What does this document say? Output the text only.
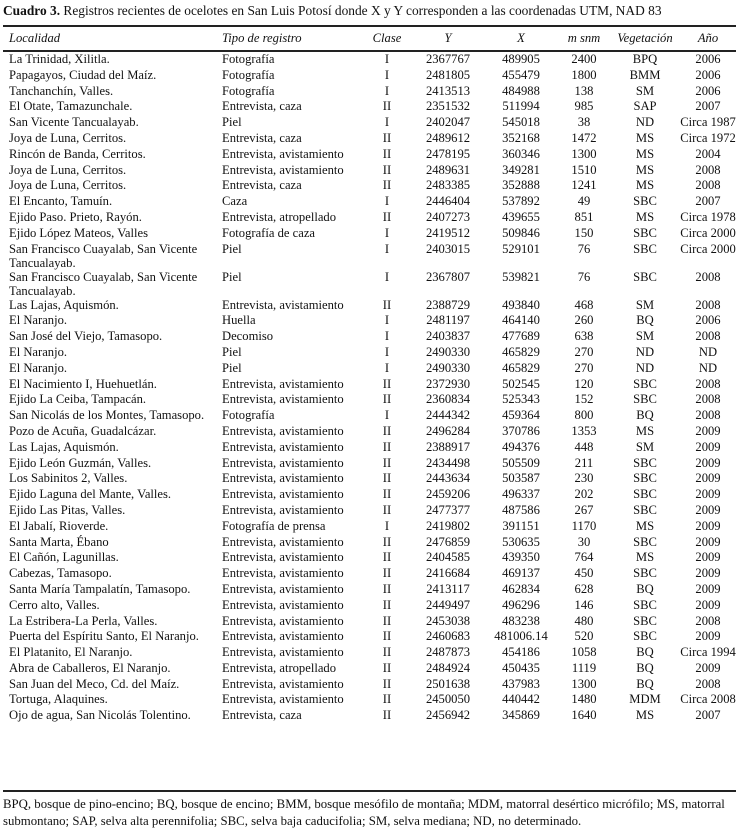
Cuadro 3. Registros recientes de ocelotes en San Luis Potosí donde X y Y corresponden a las coordenadas UTM, NAD 83
Localidad	Tipo de registro	Clase	Y	X	m snm	Vegetación	Año
La Trinidad, Xilitla.	Fotografía	I	2367767	489905	2400	BPQ	2006
Papagayos, Ciudad del Maíz.	Fotografía	I	2481805	455479	1800	BMM	2006
Tanchanchín, Valles.	Fotografía	I	2413513	484988	138	SM	2006
El Otate, Tamazunchale.	Entrevista, caza	II	2351532	511994	985	SAP	2007
San Vicente Tancualayab.	Piel	I	2402047	545018	38	ND	Circa 1987
Joya de Luna, Cerritos.	Entrevista, caza	II	2489612	352168	1472	MS	Circa 1972
Rincón de Banda, Cerritos.	Entrevista, avistamiento	II	2478195	360346	1300	MS	2004
Joya de Luna, Cerritos.	Entrevista, avistamiento	II	2489631	349281	1510	MS	2008
Joya de Luna, Cerritos.	Entrevista, caza	II	2483385	352888	1241	MS	2008
El Encanto, Tamuín.	Caza	I	2446404	537892	49	SBC	2007
Ejido Paso. Prieto, Rayón.	Entrevista, atropellado	II	2407273	439655	851	MS	Circa 1978
Ejido López Mateos, Valles	Fotografía de caza	I	2419512	509846	150	SBC	Circa 2000
San Francisco Cuayalab, San Vicente Tancualayab.	Piel	I	2403015	529101	76	SBC	Circa 2000
San Francisco Cuayalab, San Vicente Tancualayab.	Piel	I	2367807	539821	76	SBC	2008
Las Lajas, Aquismón.	Entrevista, avistamiento	II	2388729	493840	468	SM	2008
El Naranjo.	Huella	I	2481197	464140	260	BQ	2006
San José del Viejo, Tamasopo.	Decomiso	I	2403837	477689	638	SM	2008
El Naranjo.	Piel	I	2490330	465829	270	ND	ND
El Naranjo.	Piel	I	2490330	465829	270	ND	ND
El Nacimiento I, Huehuetlán.	Entrevista, avistamiento	II	2372930	502545	120	SBC	2008
Ejido La Ceiba, Tampacán.	Entrevista, avistamiento	II	2360834	525343	152	SBC	2008
San Nicolás de los Montes, Tamasopo.	Fotografía	I	2444342	459364	800	BQ	2008
Pozo de Acuña, Guadalcázar.	Entrevista, avistamiento	II	2496284	370786	1353	MS	2009
Las Lajas, Aquismón.	Entrevista, avistamiento	II	2388917	494376	448	SM	2009
Ejido León Guzmán, Valles.	Entrevista, avistamiento	II	2434498	505509	211	SBC	2009
Los Sabinitos 2, Valles.	Entrevista, avistamiento	II	2443634	503587	230	SBC	2009
Ejido Laguna del Mante, Valles.	Entrevista, avistamiento	II	2459206	496337	202	SBC	2009
Ejido Las Pitas, Valles.	Entrevista, avistamiento	II	2477377	487586	267	SBC	2009
El Jabalí, Rioverde.	Fotografía de prensa	I	2419802	391151	1170	MS	2009
Santa Marta, Ébano	Entrevista, avistamiento	II	2476859	530635	30	SBC	2009
El Cañón, Lagunillas.	Entrevista, avistamiento	II	2404585	439350	764	MS	2009
Cabezas, Tamasopo.	Entrevista, avistamiento	II	2416684	469137	450	SBC	2009
Santa María Tampalatín, Tamasopo.	Entrevista, avistamiento	II	2413117	462834	628	BQ	2009
Cerro alto, Valles.	Entrevista, avistamiento	II	2449497	496296	146	SBC	2009
La Estribera-La Perla, Valles.	Entrevista, avistamiento	II	2453038	483238	480	SBC	2008
Puerta del Espíritu Santo, El Naranjo.	Entrevista, avistamiento	II	2460683	481006.14	520	SBC	2009
El Platanito, El Naranjo.	Entrevista, avistamiento	II	2487873	454186	1058	BQ	Circa 1994
Abra de Caballeros, El Naranjo.	Entrevista, atropellado	II	2484924	450435	1119	BQ	2009
San Juan del Meco, Cd. del Maíz.	Entrevista, avistamiento	II	2501638	437983	1300	BQ	2008
Tortuga, Alaquines.	Entrevista, avistamiento	II	2450050	440442	1480	MDM	Circa 2008
Ojo de agua, San Nicolás Tolentino.	Entrevista, caza	II	2456942	345869	1640	MS	2007
BPQ, bosque de pino-encino; BQ, bosque de encino; BMM, bosque mesófilo de montaña; MDM, matorral desértico micrófilo; MS, matorral submontano; SAP, selva alta perennifolia; SBC, selva baja caducifolia; SM, selva mediana; ND, no determinado.
